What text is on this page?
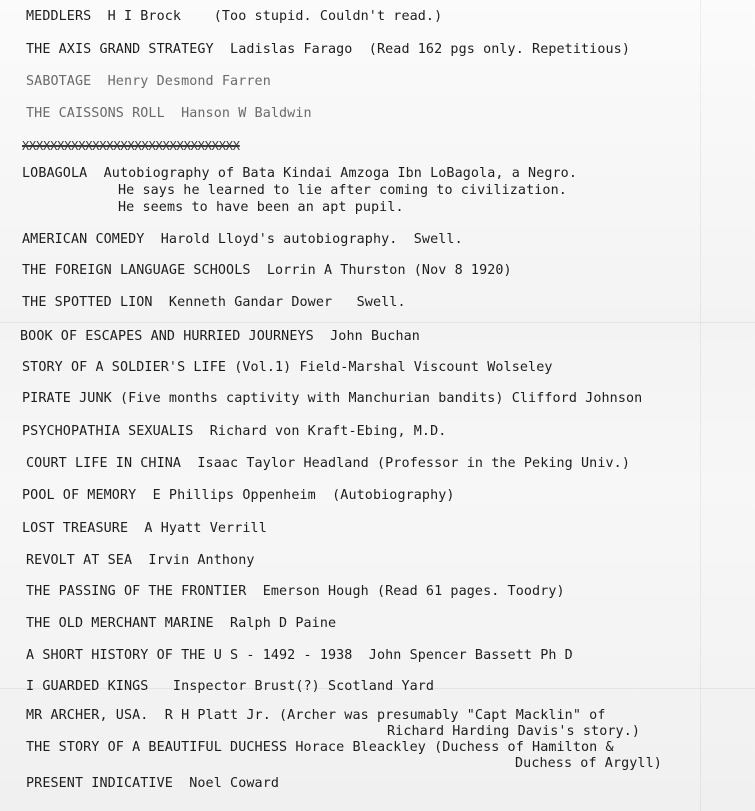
MEDDLERS  H I Brock    (Too stupid. Couldn't read.)
THE AXIS GRAND STRATEGY  Ladislas Farago  (Read 162 pgs only. Repetitious)
SABOTAGE  Henry Desmond Farren
THE CAISSONS ROLL  Hanson W Baldwin
XXXXXXXXXXXXXXXXXXXXXXXXXXXXXXX
LOBAGOLA  Autobiography of Bata Kindai Amzoga Ibn LoBagola, a Negro.
He says he learned to lie after coming to civilization.
He seems to have been an apt pupil.
AMERICAN COMEDY  Harold Lloyd's autobiography.  Swell.
THE FOREIGN LANGUAGE SCHOOLS  Lorrin A Thurston (Nov 8 1920)
THE SPOTTED LION  Kenneth Gandar Dower   Swell.
BOOK OF ESCAPES AND HURRIED JOURNEYS  John Buchan
STORY OF A SOLDIER'S LIFE (Vol.1) Field-Marshal Viscount Wolseley
PIRATE JUNK (Five months captivity with Manchurian bandits) Clifford Johnson
PSYCHOPATHIA SEXUALIS  Richard von Kraft-Ebing, M.D.
COURT LIFE IN CHINA  Isaac Taylor Headland (Professor in the Peking Univ.)
POOL OF MEMORY  E Phillips Oppenheim  (Autobiography)
LOST TREASURE  A Hyatt Verrill
REVOLT AT SEA  Irvin Anthony
THE PASSING OF THE FRONTIER  Emerson Hough (Read 61 pages. Toodry)
THE OLD MERCHANT MARINE  Ralph D Paine
A SHORT HISTORY OF THE U S - 1492 - 1938  John Spencer Bassett Ph D
I GUARDED KINGS   Inspector Brust(?) Scotland Yard
MR ARCHER, USA.  R H Platt Jr. (Archer was presumably "Capt Macklin" of
Richard Harding Davis's story.)
THE STORY OF A BEAUTIFUL DUCHESS Horace Bleackley (Duchess of Hamilton &
Duchess of Argyll)
PRESENT INDICATIVE  Noel Coward
